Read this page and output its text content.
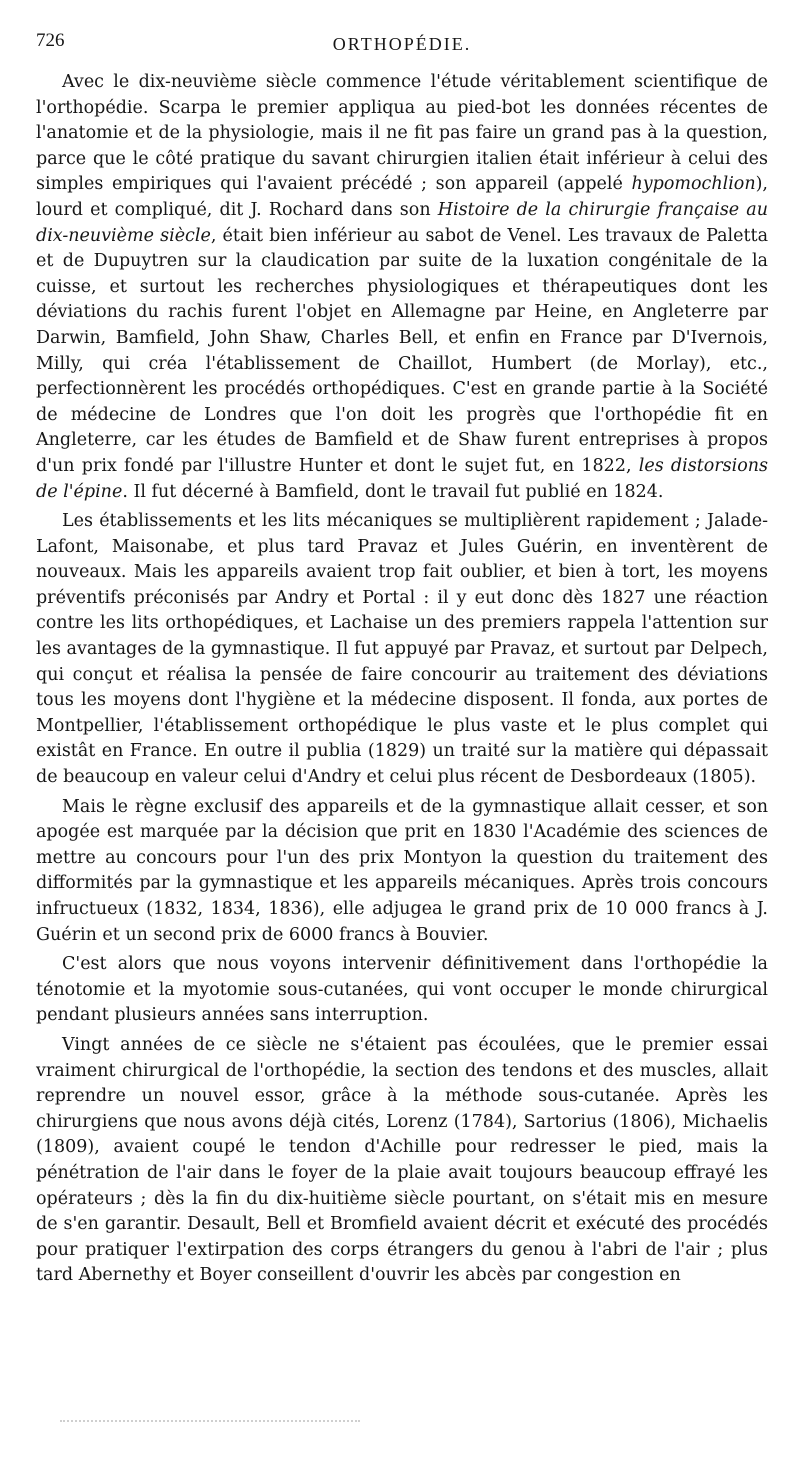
726	ORTHOPÉDIE.

Avec le dix-neuvième siècle commence l'étude véritablement scientifique de l'orthopédie. Scarpa le premier appliqua au pied-bot les données récentes de l'anatomie et de la physiologie, mais il ne fit pas faire un grand pas à la question, parce que le côté pratique du savant chirurgien italien était inférieur à celui des simples empiriques qui l'avaient précédé ; son appareil (appelé hypomochlion), lourd et compliqué, dit J. Rochard dans son Histoire de la chirurgie française au dix-neuvième siècle, était bien inférieur au sabot de Venel. Les travaux de Paletta et de Dupuytren sur la claudication par suite de la luxation congénitale de la cuisse, et surtout les recherches physiologiques et thérapeutiques dont les déviations du rachis furent l'objet en Allemagne par Heine, en Angleterre par Darwin, Bamfield, John Shaw, Charles Bell, et enfin en France par D'Ivernois, Milly, qui créa l'établissement de Chaillot, Humbert (de Morlay), etc., perfectionnèrent les procédés orthopédiques. C'est en grande partie à la Société de médecine de Londres que l'on doit les progrès que l'orthopédie fit en Angleterre, car les études de Bamfield et de Shaw furent entreprises à propos d'un prix fondé par l'illustre Hunter et dont le sujet fut, en 1822, les distorsions de l'épine. Il fut décerné à Bamfield, dont le travail fut publié en 1824.

Les établissements et les lits mécaniques se multiplièrent rapidement ; Jalade-Lafont, Maisonabe, et plus tard Pravaz et Jules Guérin, en inventèrent de nouveaux. Mais les appareils avaient trop fait oublier, et bien à tort, les moyens préventifs préconisés par Andry et Portal : il y eut donc dès 1827 une réaction contre les lits orthopédiques, et Lachaise un des premiers rappela l'attention sur les avantages de la gymnastique. Il fut appuyé par Pravaz, et surtout par Delpech, qui conçut et réalisa la pensée de faire concourir au traitement des déviations tous les moyens dont l'hygiène et la médecine disposent. Il fonda, aux portes de Montpellier, l'établissement orthopédique le plus vaste et le plus complet qui existât en France. En outre il publia (1829) un traité sur la matière qui dépassait de beaucoup en valeur celui d'Andry et celui plus récent de Desbordeaux (1805).

Mais le règne exclusif des appareils et de la gymnastique allait cesser, et son apogée est marquée par la décision que prit en 1830 l'Académie des sciences de mettre au concours pour l'un des prix Montyon la question du traitement des difformités par la gymnastique et les appareils mécaniques. Après trois concours infructueux (1832, 1834, 1836), elle adjugea le grand prix de 10 000 francs à J. Guérin et un second prix de 6000 francs à Bouvier.

C'est alors que nous voyons intervenir définitivement dans l'orthopédie la ténotomie et la myotomie sous-cutanées, qui vont occuper le monde chirurgical pendant plusieurs années sans interruption.

Vingt années de ce siècle ne s'étaient pas écoulées, que le premier essai vraiment chirurgical de l'orthopédie, la section des tendons et des muscles, allait reprendre un nouvel essor, grâce à la méthode sous-cutanée. Après les chirurgiens que nous avons déjà cités, Lorenz (1784), Sartorius (1806), Michaelis (1809), avaient coupé le tendon d'Achille pour redresser le pied, mais la pénétration de l'air dans le foyer de la plaie avait toujours beaucoup effrayé les opérateurs ; dès la fin du dix-huitième siècle pourtant, on s'était mis en mesure de s'en garantir. Desault, Bell et Bromfield avaient décrit et exécuté des procédés pour pratiquer l'extirpation des corps étrangers du genou à l'abri de l'air ; plus tard Abernethy et Boyer conseillent d'ouvrir les abcès par congestion en
